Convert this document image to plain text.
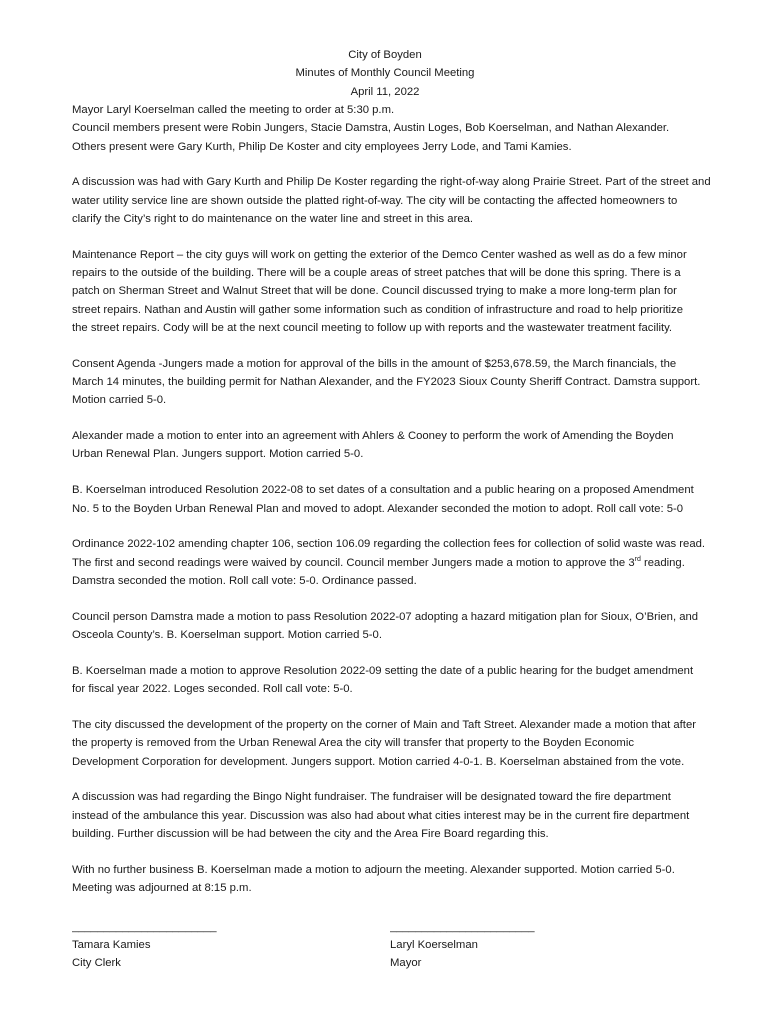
City of Boyden
Minutes of Monthly Council Meeting
April 11, 2022
Mayor Laryl Koerselman called the meeting to order at 5:30 p.m.
Council members present were Robin Jungers, Stacie Damstra, Austin Loges, Bob Koerselman, and Nathan Alexander.
Others present were Gary Kurth, Philip De Koster and city employees Jerry Lode, and Tami Kamies.
A discussion was had with Gary Kurth and Philip De Koster regarding the right-of-way along Prairie Street. Part of the street and
water utility service line are shown outside the platted right-of-way. The city will be contacting the affected homeowners to
clarify the City’s right to do maintenance on the water line and street in this area.
Maintenance Report – the city guys will work on getting the exterior of the Demco Center washed as well as do a few minor
repairs to the outside of the building. There will be a couple areas of street patches that will be done this spring. There is a
patch on Sherman Street and Walnut Street that will be done. Council discussed trying to make a more long-term plan for
street repairs. Nathan and Austin will gather some information such as condition of infrastructure and road to help prioritize
the street repairs. Cody will be at the next council meeting to follow up with reports and the wastewater treatment facility.
Consent Agenda -Jungers made a motion for approval of the bills in the amount of $253,678.59, the March financials, the
March 14 minutes, the building permit for Nathan Alexander, and the FY2023 Sioux County Sheriff Contract. Damstra support.
Motion carried 5-0.
Alexander made a motion to enter into an agreement with Ahlers & Cooney to perform the work of Amending the Boyden
Urban Renewal Plan. Jungers support. Motion carried 5-0.
B. Koerselman introduced Resolution 2022-08 to set dates of a consultation and a public hearing on a proposed Amendment
No. 5 to the Boyden Urban Renewal Plan and moved to adopt. Alexander seconded the motion to adopt. Roll call vote: 5-0
Ordinance 2022-102 amending chapter 106, section 106.09 regarding the collection fees for collection of solid waste was read.
The first and second readings were waived by council. Council member Jungers made a motion to approve the 3rd reading.
Damstra seconded the motion. Roll call vote: 5-0. Ordinance passed.
Council person Damstra made a motion to pass Resolution 2022-07 adopting a hazard mitigation plan for Sioux, O’Brien, and
Osceola County’s. B. Koerselman support. Motion carried 5-0.
B. Koerselman made a motion to approve Resolution 2022-09 setting the date of a public hearing for the budget amendment
for fiscal year 2022. Loges seconded. Roll call vote: 5-0.
The city discussed the development of the property on the corner of Main and Taft Street. Alexander made a motion that after
the property is removed from the Urban Renewal Area the city will transfer that property to the Boyden Economic
Development Corporation for development. Jungers support. Motion carried 4-0-1. B. Koerselman abstained from the vote.
A discussion was had regarding the Bingo Night fundraiser. The fundraiser will be designated toward the fire department
instead of the ambulance this year. Discussion was also had about what cities interest may be in the current fire department
building. Further discussion will be had between the city and the Area Fire Board regarding this.
With no further business B. Koerselman made a motion to adjourn the meeting. Alexander supported. Motion carried 5-0.
Meeting was adjourned at 8:15 p.m.
_______________________
Tamara Kamies
City Clerk
_______________________
Laryl Koerselman
Mayor
